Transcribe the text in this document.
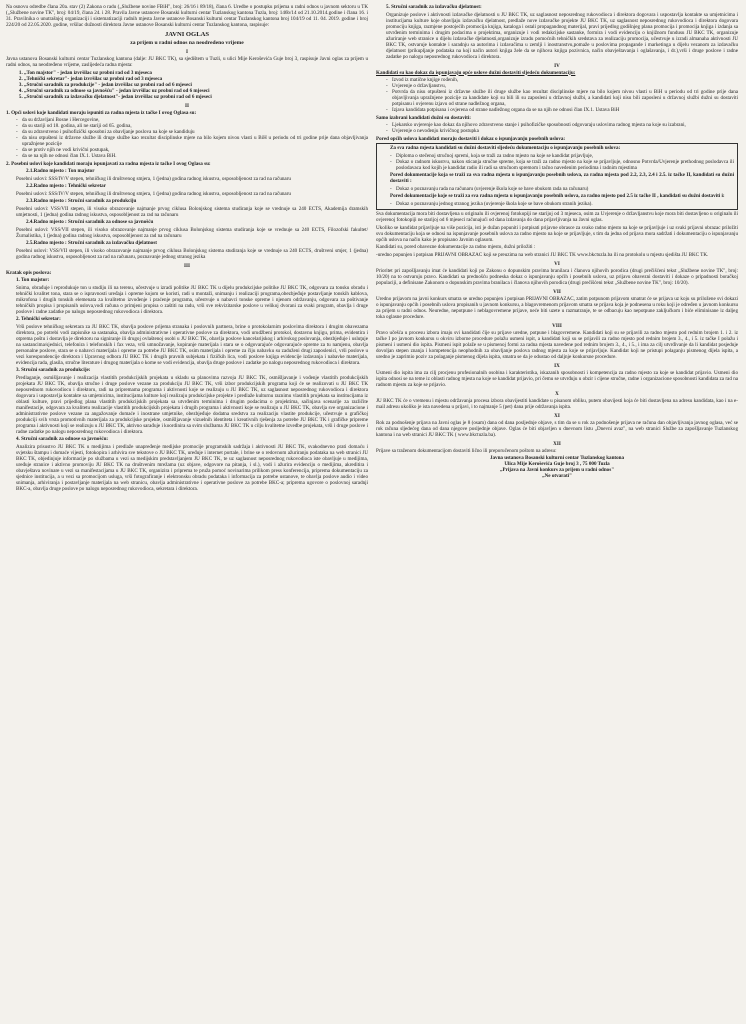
Na osnovu odredbe člana 20a. stav (2) Zakona o radu („Službene novine FBiH", broj: 26/16 i 89/18), člana 6. Uredbe o postupku prijema u radni odnos u javnom sektoru u TK („Službene novine TK", broj: 04/19, člana 24. i 28. Pravila Javne ustanove Bosanski kulturni centar Tuzlanskog kantona Tuzla, broj: 146b/14 od 21.10.2014.godine i člana 16. i 31. Pravilnika o unutrašnjoj organizaciji i sistematizaciji radnih mjesta Javne ustanove Bosanski kulturni centar Tuzlanskog kantona broj 104/19 od 11. 04. 2019. godine i broj 224/20 od 22.05.2020. godine, vršilac dužnosti direktora Javne ustanove Bosanski kulturni centar Tuzlanskog kantona, raspisuje:

JAVNI OGLAS
za prijem u radni odnos na neodređeno vrijeme
I

Javna ustanova Bosanski kulturni centar Tuzlanskog kantona (dalje: JU BKC TK), sa sjedištem u Tuzli, u ulici Mije Keroševića Guje broj 3, raspisuje Javni oglas za prijem u radni odnos, na neodređeno vrijeme, zaslijedeća radna mjesta:

1. „Ton majstor" - jedan izvršilac uz probni rad od 3 mjeseca
2. „Tehnički sekretar"- jedan izvršilac uz probni rad od 3 mjeseca
3. „Stručni saradnik za produkcije" - jedan izvršilac uz probni rad od 6 mjeseci
4. „Stručni saradnik za odnose sa javnošću" - jedan izvršilac uz probni rad od 6 mjeseci
5. „Stručni saradnik za izdavačku djelatnost"- jedan izvršilac uz probni rad od 6 mjeseci
II

1. Opći uslovi koje kandidati moraju ispuniti za radna mjesta iz tačke I ovog Oglasa su:

- da su državljani Bosne i Hercegovine,
- da su stariji od 18. godina, ali ne stariji od 65. godina,
- da su zdravstveno i psihofizički sposobni za obavljanje poslova na koje se kandiduju
- da nisu otpušteni iz državne službe ili druge službe kao rezultat disciplinske mjere na bilo kojem nivou vlasti u BiH u periodu od tri godine prije dana objavljivanja upražnjene pozicije
- da se protiv njih ne vodi krivični postupak,
- da se na njih ne odnosi član IX.1. Ustava BiH.

2. Posebni uslovi koje kandidati moraju ispunjavati za radna mjesta iz tačke I ovog Oglasa su:

2.1.Radno mjesto : Ton majstor

Posebni uslovi: SSS/IV/V stepen, tehničkog ili društvenog smjera, 1 (jedna) godina radnog iskustva, osposobljenost za rad na računaru

2.2.Radno mjesto : Tehnički sekretar

Posebni uslovi: SSS/IV/V stepen, tehničkog ili društvenog smjera, 1 (jedna) godina radnog iskustva, osposobljenost za rad na računaru

2.3.Radno mjesto : Stručni saradnik za produkciju

Posebni uslovi: VSS/VII stepen, ili visoko obrazovanje najmanje prvog ciklusa Bolonjskog sistema studiranja koje se vrednuje sa 240 ECTS, Akademija dramskih umjetnosti, 1 (jedna) godina radnog iskustva, osposobljenost za rad na računaru

2.4.Radno mjesto : Stručni saradnik za odnose sa javnošću

Posebni uslovi: VSS/VII stepen, ili visoko obrazovanje najmanje prvog ciklusa Bolonjskog sistema studiranja koje se vrednuje sa 240 ECTS, Filozofski fakultet/Žurnalistika, 1 (jedna) godina radnog iskustva, osposobljenost za rad na računaru

2.5.Radno mjesto : Stručni saradnik za izdavačku djelatnost

Posebni uslovi: VSS/VII stepen, ili visoko obrazovanje najmanje prvog ciklusa Bolonjskog sistema studiranja koje se vrednuje sa 240 ECTS, društveni smjer, 1 (jedna) godina radnog iskustva, osposobljenost za rad na računaru, poznavanje jednog stranog jezika

III

Kratak opis poslova:

1. Ton majstor:

Snima, obrađuje i reprodukuje ton u studiju ili na terenu, učestvuje u izradi politike JU BKC TK u dijelu produkcijske politike JU BKC TK, odgovara za tonsku obradu i tehnički kvalitet tona, stara se o ispravnosti uređaja i opreme kojom se koristi, radi u montaži, snimanju i realizaciji programa,obezbjeđuje postavljanje tonskih kablova, mikrofona i drugih tonskih elemenata za kvalitetno izvođenje i praćenje programa, učestvuje u nabavci tonske opreme i njenom održavanju, odgovara za poštivanje tehničkih propisa i propisanih uslova,vodi računa o primjeni propisa o zaštiti na radu, vrši sve rekvizitarske poslove u velikoj dvorani za svaki program, obavlja i druge poslove i radne zadatke po nalogu neposrednog rukovodioca i direktora.

2. Tehnički sekretar:

Vrši poslove tehničkog sekretara za JU BKC TK, obavlja poslove prijema stranaka i poslovnih partnera, brine o protokolarnim poslovima direktora i drugim obavezama direktora, po potrebi vodi zapisnike sa sastanaka, obavlja administrativne i operativne poslove za direktora, vodi urudžbeni protokol, dostavnu knjigu, prima, evidentira i otprema poštu i dostavlja je direktoru na signiranje ili drugoj ovlaštenoj osobi u JU BKC TK, obavlja poslove kancelarijskog i arhivskog poslovanja, obezbjeđuje i usluţuje na sastancima/sjednici, telefonira i telefonskih i fax veza, vrši umnožavanje, kopiranje materijala i stara se o odgovarajuće odgovarajuće opreme za tu namjenu, obavlja personalne poslove, stara se o nabavci materijala i opreme za potrebe JU BKC TK, osim materijala i opreme za čiju nabavku su zaduženi drugi zaposlenici, vrši poslove u vezi korespondencije direktora i Upravnog odbora JU BKC TK i drugih pravnih subjekata i fizičkih lica, vodi poslove knjiga evidencije izdavanja i nabavke materijala, evidencija rada, glasila, stručne literature i drugog materijala o kome se vodi evidencija, obavlja druge poslove i zadatke po nalogu neposrednog rukovodioca i direktora.

3. Stručni saradnik za produkcije:

Predlaganje, osmišljavanje i realizacija vlastitih produkcijskih projekata u skladu sa planovima razvoja JU BKC TK, osmišljavanje i vođenje vlastitih produkcijskih projekata JU BKC TK, obavlja stručne i druge poslove vezane za produkciju JU BKC TK, vrši izbor produkcijskih programa koji će se realizovati u JU BKC TK neposrednom rukovodiocu i direktoru, radi na pripremama programa i aktivnosti koje se realizuju u JU BKC TK, uz saglasnost neposrednog rukovodioca i direktora dogovara i uspostavlja kontakte sa umjetnicima, institucijama kulture koji realizuju produkcijske projekte i predlaže kulturnu raznimu vlastitih projekata sa institucijama iz oblasti kulture, pravi prijedlog plana vlastitih produkcijskih projekata sa utvrđenim terminima i drugim podacima o projektima, sačinjava scenarije za različite manifestacije, odgovara za kvalitetu realizacije vlastitih produkcijskih projekata i drugih programa i aktivnosti koje se realizuju u JU BKC TK, obavlja sve organizacione i administrativne poslove vezane za angažovanje domaće i inostrane umjetnike, obezbjeđuje dodatna sredstva za realizaciju vlastite produkcije, učestvuje u grafičkoj produkciji svih vrsta promotivnih materijala za produkcijske projekte, osmišljavanje vizuelnih identiteta i kreativnih rješenja za potrebe JU BKC TK i grafičke pripreme programa i aktivnosti koji se realizuju u JU BKC TK, aktivno sarađuje i koordinira sa svim službama JU BKC TK u cilju kvalitetne izvedbe projekata, vrši i druge poslove i radne zadatke po nalogu neposrednog rukovodioca i direktora.

4. Stručni saradnik za odnose sa javnošću:

Analizira prisustvo JU BKC TK u medijima i predlaže unapređenje medijske promocije programskih sadržaja i aktivnosti JU BKC TK, svakodnevno prati domaću i svjetsku štampu i domaće vijesti, fotokopira i arhivira sve tekstove o JU BKC TK, uređuje i internet portale, i brine se o redovnom ažuriranju podataka na web stranici JU BKC TK, objedinjuje informacije po službama u vezi sa medijskim predstavljanjem JU BKC TK, te uz saglasnost neposrednog rukovodioca iste obavljuje u medijima, uređuje stranice i aktivno promoviju JU BKC TK na društvenim mrežama (uz objave, odgovore na pitanja, i sl.), vodi i ažurira evidenciju o medijima, akreditira i obavještava novinare u vezi sa manifestacijama u JU BKC TK, organizira i priprema te pruža pomoć novinarima prilikom press konferencija, priprema dokumentaciju za sjednice institucija, a u vezi sa promocijom usluga, vrši fotografiranje i elektronsku obradu podataka i informacija za potrebe ustanove, te obavlja poslove audio i video snimanja, arhiviranja i postavljanje materijala na web stranicu, obavlja administrativne i operativne poslove za potrebe BKC-a; priprema ugovore o poslovnoj saradnji BKC-a, obavlja druge poslove po nalogu neposrednog rukovodioca, sekretara i direktora.

5. Stručni saradnik za izdavačku djelatnost:

Organizuje poslove i aktivnosti izdavačke djelatnosti u JU BKC TK, uz saglasnost neposrednog rukovodioca i direktora dogovara i uspostavlja kontakte sa umjetnicima i institucijama kulture koje obavljaju izdavačku djelatnost, predlaže nove izdavačke projekte JU BKC TK, uz saglasnost neposrednog rukovodioca i direktora dogovara promociju knjiga, razmjene postojećih promocija knjiga, kataloga i ostali propagandnog materijal, pravi prijedlog godišnjeg plana promocija i promocija knjiga i izdanja sa utvrđenim terminima i drugim podacima o projektima, organizuje i vodi redakcijske sastanke, formira i vodi evidenciju o knjižnom fundusu JU BKC TK, organizuje ažuriranje web stranice u dijelu izdavačke djelatnosti,organizuje izradu pomoćnih tehničkih sredstava za realizaciju promocija, učestvuje u izradi almanaha aktivnosti JU BKC TK, ostvaruje kontakte i saradnju sa autorima i izdavačima u zemlji i inostranstvu,pomaže u poslovima propagande i marketinga u dijelu vezanom za izdavačku djelatnost (prikupljanje podataka na koji način autori knjiga žele da se njihova knjiga pozivnica, način obavještavanja i oglašavanja, i dr.),vrši i druge poslove i radne zadatke po nalogu neposrednog rukovodioca i direktora.

IV

Kandidati su kao dokaz da ispunjavaju opće uslove dužni dostaviti sljedeću dokumentaciju:

- Izvod iz matične knjige rođenih,
- Uvjerenje o državljanstvu,
- Potvrda da nisu otpušteni iz državne službe ili druge službe kao rezultat disciplinske mjere na bilo kojem nivou vlasti u BiH u periodu od tri godine prije dana objavljivanja upražnjene pozicije za kandidate koji su bili ili su zaposleni u državnoj službi, a kandidati koji nisu bili zaposleni u državnoj službi dužni su dostaviti potpisanu i ovjerenu izjavu od strane nadležnog organa,
- Izjava kandidata potpisana i ovjerena od strane nadležnog organa da se na njih ne odnosi član IX.1. Ustava BiH

Samo izabrani kandidati dužni su dostaviti:

- Ljekarsko uvjerenje kao dokaz da njihovo zdravstveno stanje i psihofizičke sposobnosti odgovaraju uslovima radnog mjesta na koje su izabrani,
- Uvjerenje o nevođenju krivičnog postupka

Pored općih uslova kandidati moraju dostaviti i dokaz o ispunjavanju posebnih uslova:

Za sva radna mjesta kandidati su dužni dostaviti sljedeću dokumentaciju o ispunjavanju posebnih uslova:

- Diploma o stečenoj stručnoj spremi, koja se traži za radno mjesto na koje se kandidat prijavljuje,
- Dokaz o radnom iskustvu, nakon sticanja stručne spreme, koja se traži za radno mjesto na koje se prijavljuje, odnosno Potvrda/Uvjerenje prethodnog poslodavca ili poslodavaca kod kojih je kandidat radio ili radi sa stručnom spremom i tačno navedenim periodima i radnim mjestima

Pored dokumentacije koja se traži za sva radna mjesta u ispunjavanju posebnih uslova, za radna mjesta pod 2.2, 2.3, 2.4 i 2.5. iz tačke II, kandidati su dužni dostaviti :

- Dokaz o poznavanju rada na računaru (uvjerenje škola koje se bave obukom rada na računaru)

Pored dokumentacije koje se traži za sva radna mjesta u ispunjavanju posebnih uslova, za radno mjesto pod 2.5 iz tačke II , kandidati su dužni dostaviti i:

- Dokaz o poznavanju jednog stranog jezika (uvjerenje škola koje se bave obukom stranih jezika).

Sva dokumentacija mora biti dostavljena u originalu ili ovjerenoj fotokopiji ne starijoj od 3 mjeseca, osim za Uvjerenje o državljanstvu koje mora biti dostavljeno u originalu ili ovjerenoj fotokopiji ne starijoj od 6 mjeseci računajući od dana izdavanja do dana prijavljivanja na Javni oglas.

Ukoliko se kandidat prijavljuje na više pozicija, isti je dužan popuniti i potpisati prijavne obrasce za svako radno mjesto na koje se prijavljuje i uz svaki prijavni obrazac priložiti svu dokumentaciju koja se odnosi na ispunjavanje posebnih uslova za radno mjesto na koje se prijavljuje, s tim da jedna od prijava mora sadržati i dokumentaciju o ispunjavanju općih uslova na način kako je propisano Javnim oglasom.

Kandidati su, pored obavezne dokumentacije za radno mjesto, dužni priložiti :

-uredno popunjen i potpisan PRIJAVNI OBRAZAC koji se preuzima na web stranici JU BKC TK www.bkctuzla.ba ili na protokolu u mjestu sjedišta JU BKC TK.

VI

Prioritet pri zapošljavanju imat će kandidati koji po Zakonu o dopunskim pravima branilaca i članova njihovih porodica (drugi prečišćeni tekst „Službene novine TK", broj: 10/20) na to ostvaruju pravo. Kandidati sa prednošću podneska dokaz o ispunjavanju općih i posebnih uslova, uz prijavu obavezni dostaviti i dokaze o pripadnosti boračkoj populaciji, a definisane Zakonom o dopunskim pravima branilaca i članova njihovih porodica (drugi prečišćeni tekst „Službene novine TK", broj: 10/20).

VII

Uredno prijavom na javni konkurs smatra se uredno popunjen i potpisan PRIJAVNI OBRAZAC, zatim potpunom prijavom smatrat će se prijava uz koju su priložene svi dokazi o ispunjavanju općih i posebnih uslova propisanih u javnom konkursu, a blagovremenom prijavom smatra se prijava koja je podnesena u roku koji je određen u javnom konkursu za prijem u radni odnos. Neuredne, nepotpune i neblagovremene prijave, neće biti uzete u razmatranje, te se odbacuju kao nepotpune zaključkom i biće eliminisane iz daljeg toka oglasne procedure.

VIII

Pravo učešća u procesu izbora imaju svi kandidati čije su prijave uredne, potpune i blagovremene. Kandidati koji su se prijavili za radno mjesto pod rednim brojem 1. i 2. iz tačke I po javnom konkursu u okviru izborne procedure polažu usmeni ispit, a kandidati koji su se prijavili za radno mjesto pod rednim brojem 3., 4., i 5. iz tačke I polažu i pismeni i usmeni dio ispita. Pismeni ispit polaže se u pismenoj formi za radna mjesta navedene pod rednim brojem 3., 4., i 5., i ima za cilj utvrđivanje da li kandidat posjeduje dovoljan stepen znanja i kompetencija neophodnih za obavljanje poslova radnog mjesta za koje se prijavljuje. Kandidat koji ne pristupi polaganju pismenog dijela ispita, a uredno je zaprimio poziv za polaganje pismenog dijela ispita, smatra se da je odustao od daljnje konkursne procedure.

IX

Usmeni dio ispita ima za cilj procjenu profesionalnih osobina i karakteristika, iskazanih sposobnosti i kompetencija za radno mjesto za koje se kandidat prijavio. Usmeni dio ispita odnosi se na teme iz oblasti radnog mjesta na koje se kandidat prijavio, pri čemu se utvrđuju u obzir i cijene stručne, radne i organizacione sposobnosti kandidata za rad na radnom mjestu za koje se prijavio.

X

JU BKC TK će o vremenu i mjestu održavanja procesa izbora obavijestiti kandidate u pisanom obliku, putem obavijesti koja će biti dostavljena na adresu kandidata, kao i na e-mail adresu ukoliko je ista navedena u prijavi, i to najmanje 5 (pet) dana prije održavanja ispita.

XI

Rok za podnošenje prijava na Javni oglas je 8 (osam) dana od dana posljednje objave, s tim da se u rok za podnošenje prijava ne računa dan objavljivanja javnog oglasa, već se rok računa sljedećeg dana od dana njegove posljednje objave. Oglas će biti objavljen u dnevnom listu „Dnevni avaz", na web stranici Službe za zapošljavanje Tuzlanskog kantona i na web stranici JU BKC TK ( www.bkctuzla.ba).

XII

Prijave sa traženom dokumentacijom dostaviti lično ili preporučenom poštom na adresu:

Javna ustanova Bosanski kulturni centar Tuzlanskog kantona
Ulica Mije Keroševića Guje broj 3 , 75 000 Tuzla
„Prijava na Javni konkurs za prijem u radni odnos"
„Ne otvarati"
